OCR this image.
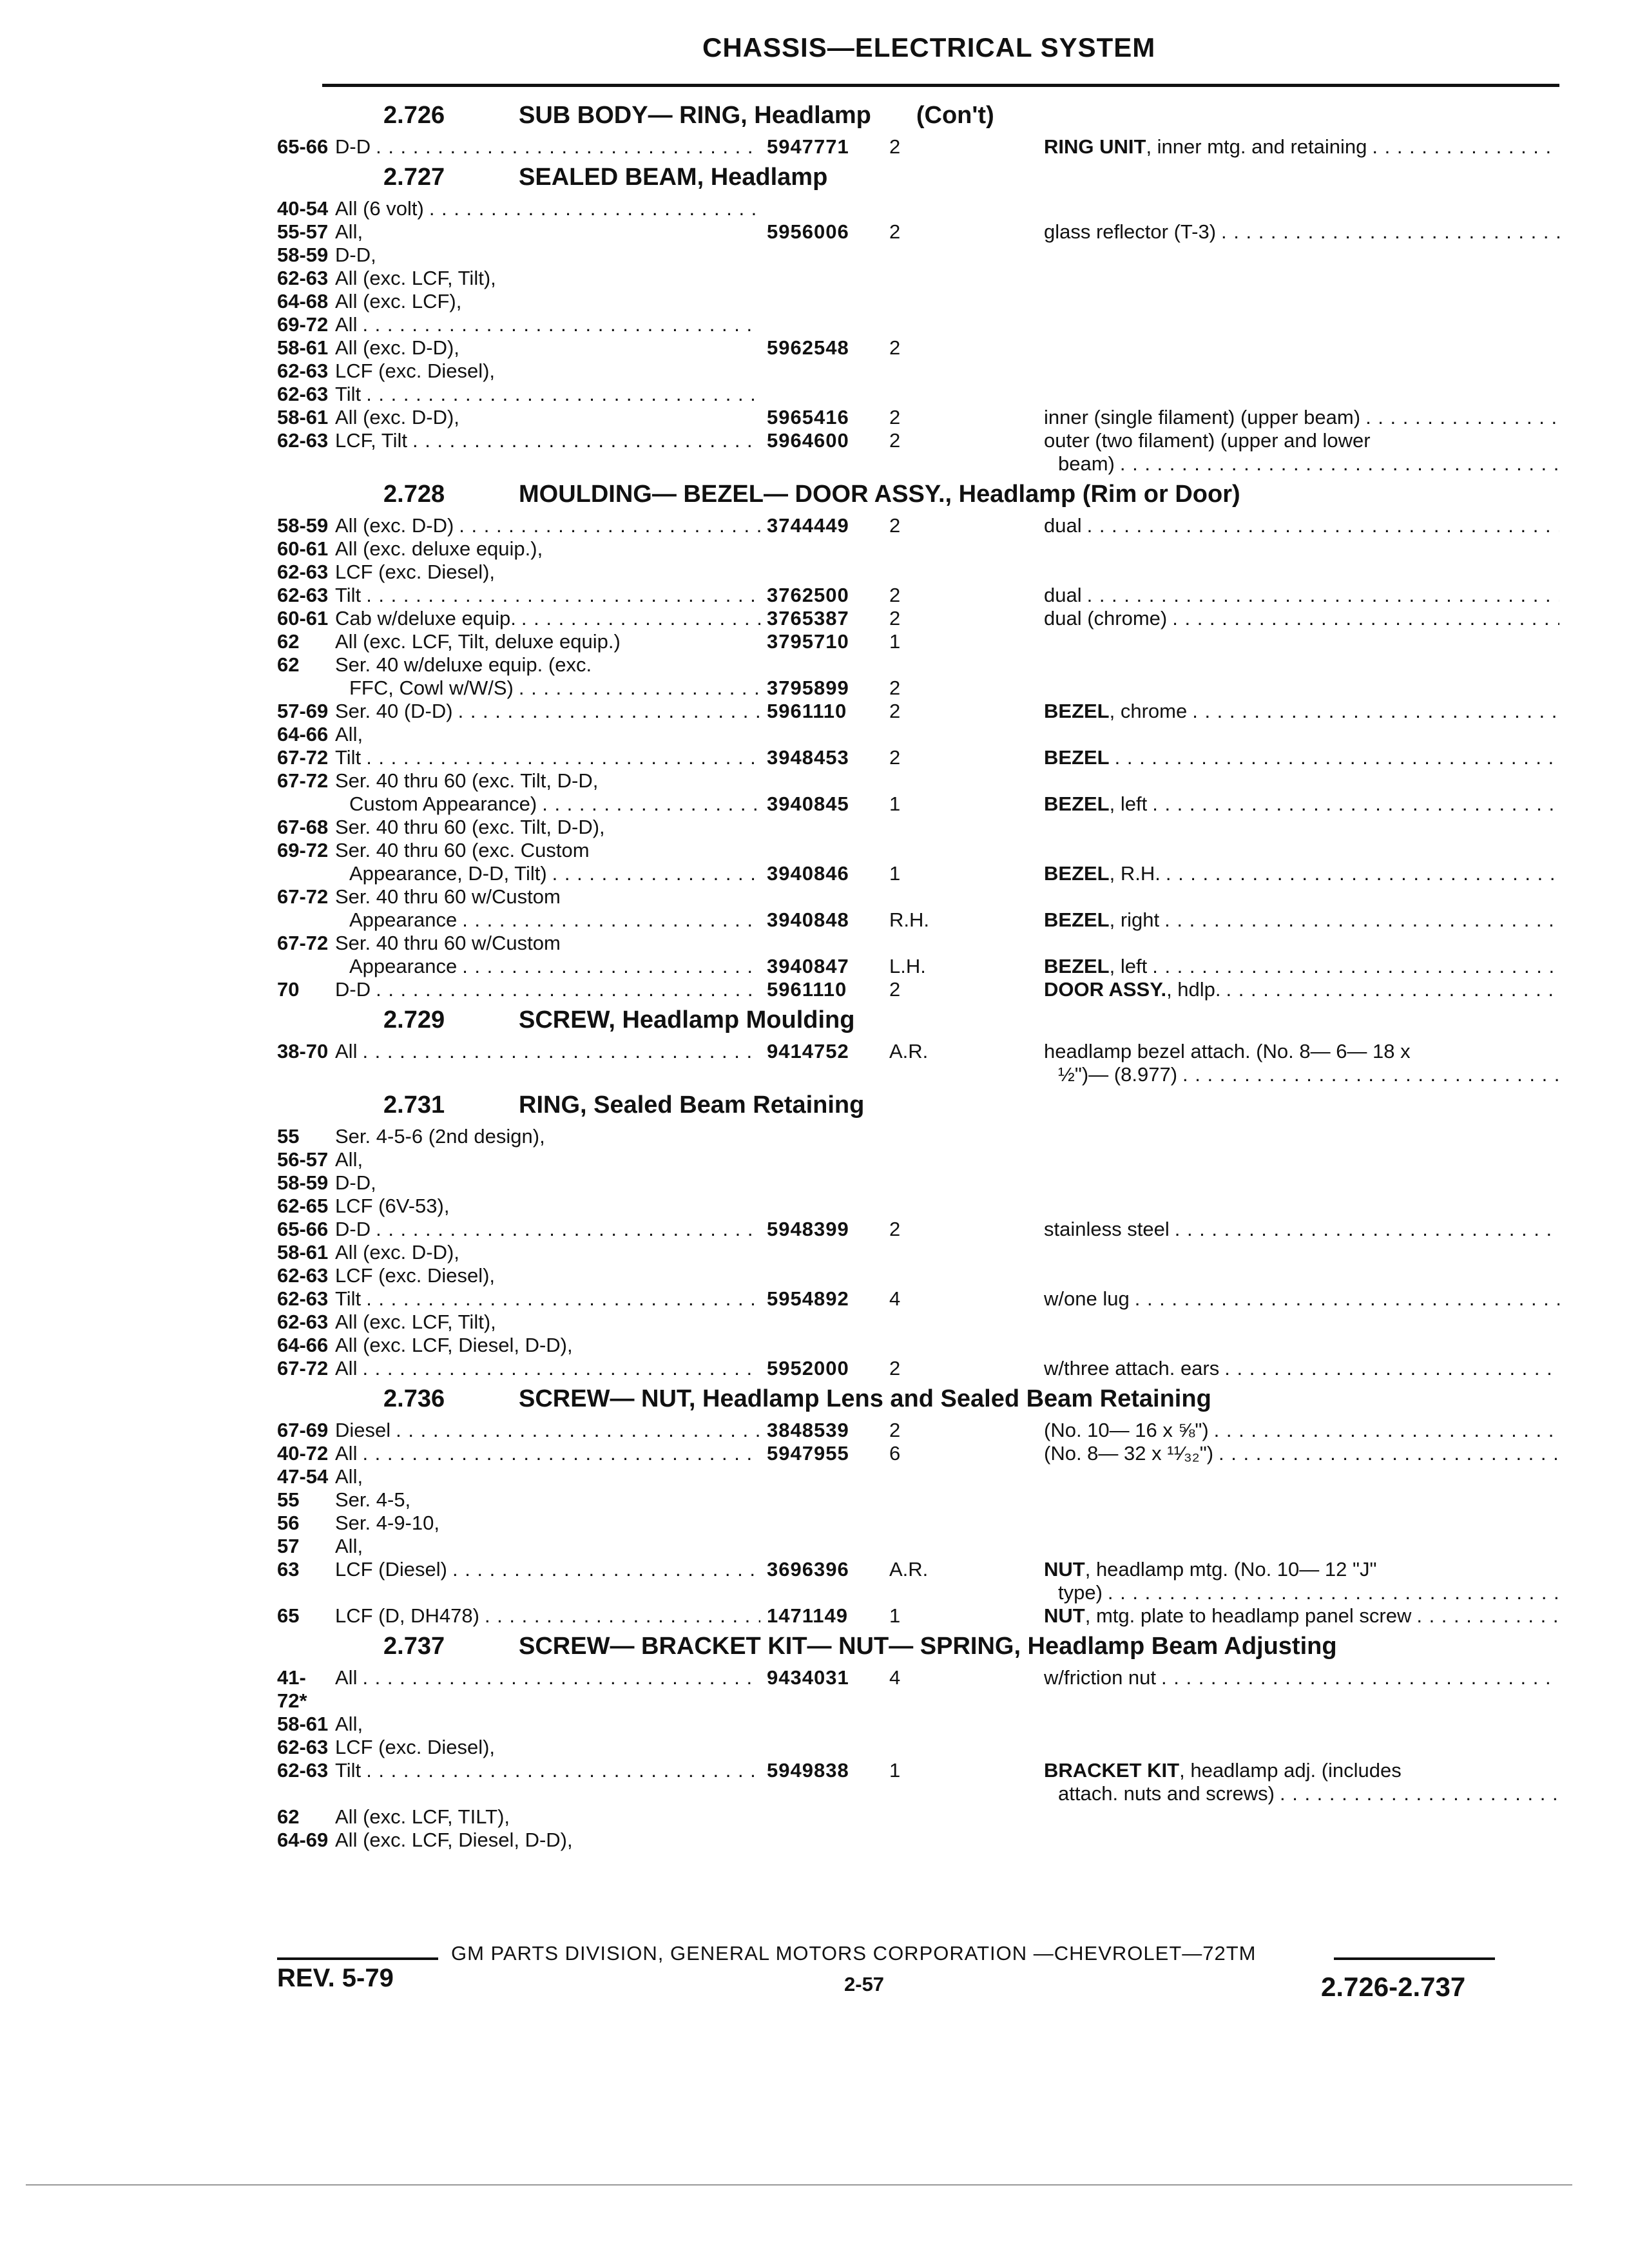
CHASSIS—ELECTRICAL SYSTEM
2.726	SUB BODY— RING, Headlamp (Con't)
65-66 D-D . . .	5947771	2	RING UNIT, inner mtg. and retaining
. . .
2.727	SEALED BEAM, Headlamp
40-54 All (6 volt)
. . .
55-57 All,	5956006	2	glass reflector (T-3)
. . .
58-59 D-D,
62-63 All (exc. LCF, Tilt),
64-68 All (exc. LCF),
69-72 All
. . .
58-61 All (exc. D-D),	5962548	2
62-63 LCF (exc. Diesel),
62-63 Tilt
. . .
58-61 All (exc. D-D),	5965416	2	inner (single filament) (upper beam)
. . .
62-63 LCF, Tilt . . .	5964600	2	outer (two filament) (upper and lower
beam)
. . .
2.728	MOULDING— BEZEL— DOOR ASSY., Headlamp (Rim or Door)
58-59 All (exc. D-D) . . .	3744449	2	dual
. . .
60-61 All (exc. deluxe equip.),
62-63 LCF (exc. Diesel),
62-63 Tilt . . .	3762500	2	dual
. . .
60-61 Cab w/deluxe equip. . . .	3765387	2	dual (chrome)
. . .
62	All (exc. LCF, Tilt, deluxe equip.)	3795710	1
62	Ser. 40 w/deluxe equip. (exc.
FFC, Cowl w/W/S) . . .	3795899	2
57-69 Ser. 40 (D-D) . . .	5961110	2	BEZEL, chrome
. . .
64-66 All,
67-72 Tilt . . .	3948453	2	BEZEL
. . .
67-72 Ser. 40 thru 60 (exc. Tilt, D-D,
Custom Appearance) . . .	3940845	1	BEZEL, left
. . .
67-68 Ser. 40 thru 60 (exc. Tilt, D-D),
69-72 Ser. 40 thru 60 (exc. Custom
Appearance, D-D, Tilt) . . .	3940846	1	BEZEL, R.H.
. . .
67-72 Ser. 40 thru 60 w/Custom
Appearance . . .	3940848	R.H.	BEZEL, right
. . .
67-72 Ser. 40 thru 60 w/Custom
Appearance . . .	3940847	L.H.	BEZEL, left
. . .
70	D-D . . .	5961110	2	DOOR ASSY., hdlp.
. . .
2.729	SCREW, Headlamp Moulding
38-70 All . . .	9414752	A.R.	headlamp bezel attach. (No. 8— 6— 18 x
½")— (8.977)
. . .
2.731	RING, Sealed Beam Retaining
55	Ser. 4-5-6 (2nd design),
56-57 All,
58-59 D-D,
62-65 LCF (6V-53),
65-66 D-D . . .	5948399	2	stainless steel
. . .
58-61 All (exc. D-D),
62-63 LCF (exc. Diesel),
62-63 Tilt . . .	5954892	4	w/one lug
. . .
62-63 All (exc. LCF, Tilt),
64-66 All (exc. LCF, Diesel, D-D),
67-72 All . . .	5952000	2	w/three attach. ears
. . .
2.736	SCREW— NUT, Headlamp Lens and Sealed Beam Retaining
67-69 Diesel . . .	3848539	2	(No. 10— 16 x ⅝")
. . .
40-72 All . . .	5947955	6	(No. 8— 32 x ¹¹⁄₃₂")
. . .
47-54 All,
55	Ser. 4-5,
56	Ser. 4-9-10,
57	All,
63	LCF (Diesel) . . .	3696396	A.R.	NUT, headlamp mtg. (No. 10— 12 "J"
type)
. . .
65	LCF (D, DH478) . . .	1471149	1	NUT, mtg. plate to headlamp panel screw
. . .
2.737	SCREW— BRACKET KIT— NUT— SPRING, Headlamp Beam Adjusting
41-72*
All . . .	9434031	4	w/friction nut
. . .
58-61 All,
62-63 LCF (exc. Diesel),
62-63 Tilt . . .	5949838	1	BRACKET KIT, headlamp adj. (includes
attach. nuts and screws)
. . .
62	All (exc. LCF, TILT),
64-69 All (exc. LCF, Diesel, D-D),
GM PARTS DIVISION, GENERAL MOTORS CORPORATION —CHEVROLET—72TM
REV. 5-79	2-57	2.726-2.737
